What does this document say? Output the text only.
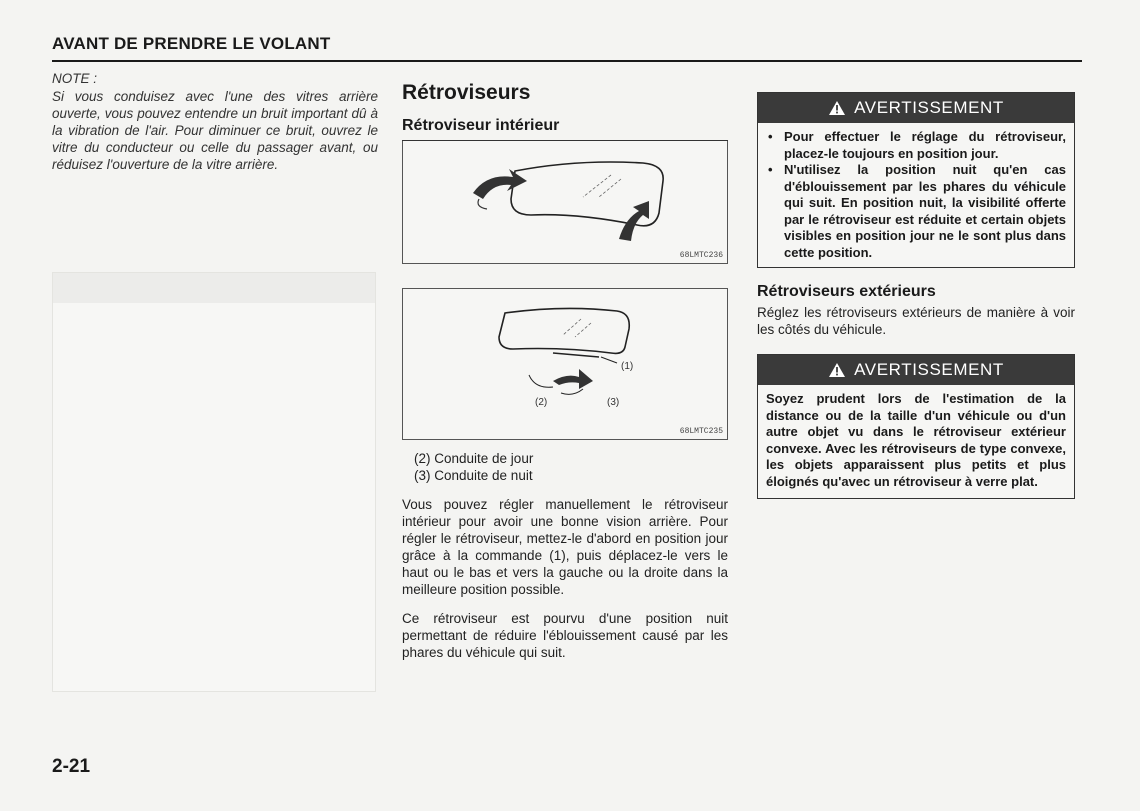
AVANT DE PRENDRE LE VOLANT
NOTE :
Si vous conduisez avec l'une des vitres arrière ouverte, vous pouvez entendre un bruit important dû à la vibration de l'air. Pour diminuer ce bruit, ouvrez le vitre du conducteur ou celle du passager avant, ou réduisez l'ouverture de la vitre arrière.
Rétroviseurs
Rétroviseur intérieur
68LMTC236
(1)
(2)	(3)
68LMTC235
(2) Conduite de jour
(3) Conduite de nuit

Vous pouvez régler manuellement le rétroviseur intérieur pour avoir une bonne vision arrière. Pour régler le rétroviseur, mettez-le d'abord en position jour grâce à la commande (1), puis déplacez-le vers le haut ou le bas et vers la gauche ou la droite dans la meilleure position possible.

Ce rétroviseur est pourvu d'une position nuit permettant de réduire l'éblouissement causé par les phares du véhicule qui suit.

AVERTISSEMENT
• Pour effectuer le réglage du rétroviseur, placez-le toujours en position jour.
• N'utilisez la position nuit qu'en cas d'éblouissement par les phares du véhicule qui suit. En position nuit, la visibilité offerte par le rétroviseur est réduite et certain objets visibles en position jour ne le sont plus dans cette position.
Rétroviseurs extérieurs

Réglez les rétroviseurs extérieurs de manière à voir les côtés du véhicule.

AVERTISSEMENT
Soyez prudent lors de l'estimation de la distance ou de la taille d'un véhicule ou d'un autre objet vu dans le rétroviseur extérieur convexe. Avec les rétroviseurs de type convexe, les objets apparaissent plus petits et plus éloignés qu'avec un rétroviseur à verre plat.
2-21
